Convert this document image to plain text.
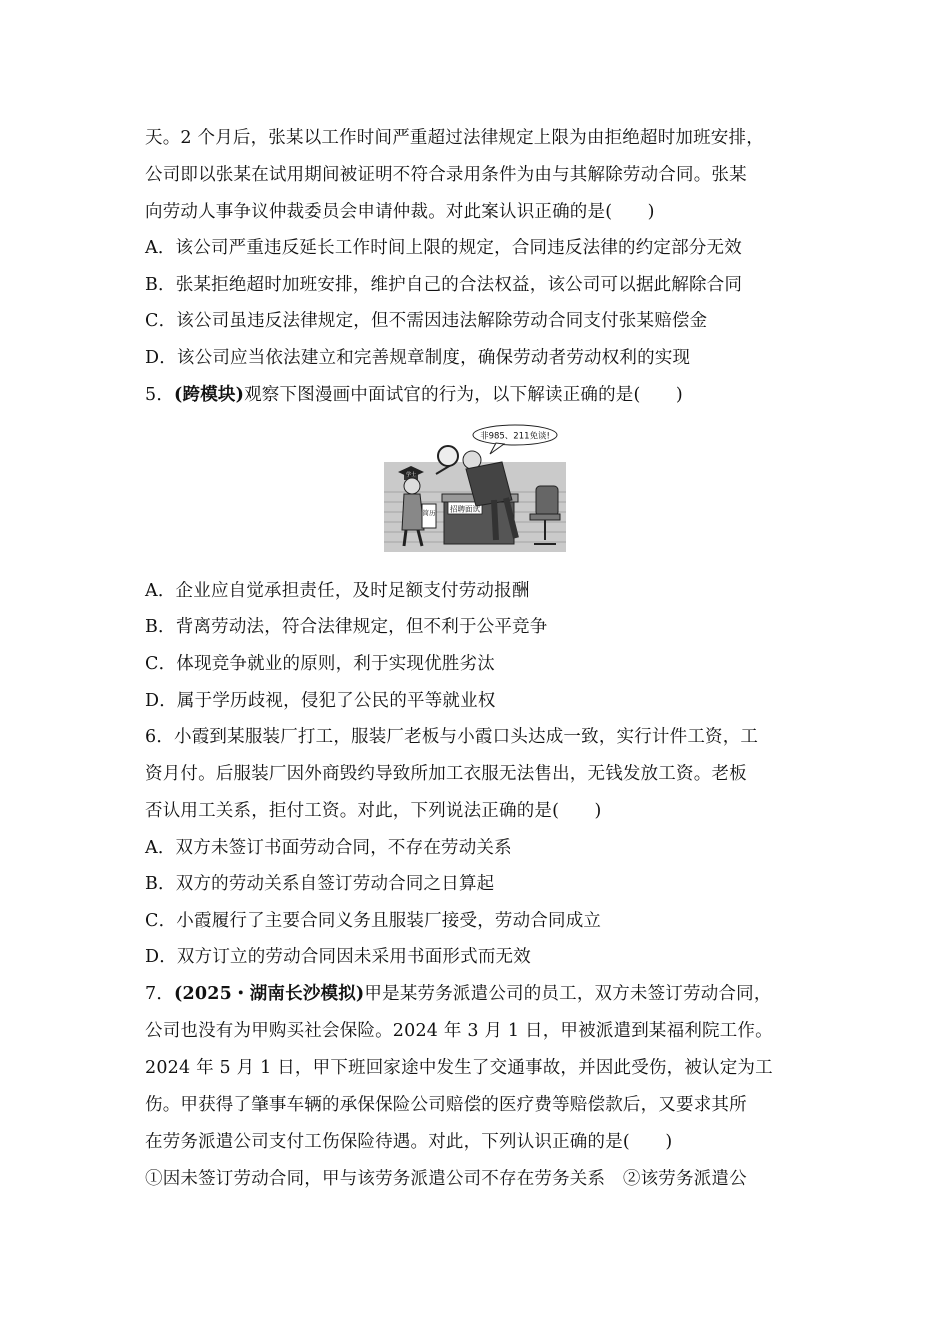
天。2 个月后，张某以工作时间严重超过法律规定上限为由拒绝超时加班安排，
公司即以张某在试用期间被证明不符合录用条件为由与其解除劳动合同。张某
向劳动人事争议仲裁委员会申请仲裁。对此案认识正确的是(　　)
A．该公司严重违反延长工作时间上限的规定，合同违反法律的约定部分无效
B．张某拒绝超时加班安排，维护自己的合法权益，该公司可以据此解除合同
C．该公司虽违反法律规定，但不需因违法解除劳动合同支付张某赔偿金
D．该公司应当依法建立和完善规章制度，确保劳动者劳动权利的实现
5．(跨模块)观察下图漫画中面试官的行为，以下解读正确的是(　　)
非985、211免谈!
招聘面试
学士
简历
A．企业应自觉承担责任，及时足额支付劳动报酬
B．背离劳动法，符合法律规定，但不利于公平竞争
C．体现竞争就业的原则，利于实现优胜劣汰
D．属于学历歧视，侵犯了公民的平等就业权
6．小霞到某服装厂打工，服装厂老板与小霞口头达成一致，实行计件工资，工
资月付。后服装厂因外商毁约导致所加工衣服无法售出，无钱发放工资。老板
否认用工关系，拒付工资。对此，下列说法正确的是(　　)
A．双方未签订书面劳动合同，不存在劳动关系
B．双方的劳动关系自签订劳动合同之日算起
C．小霞履行了主要合同义务且服装厂接受，劳动合同成立
D．双方订立的劳动合同因未采用书面形式而无效
7．(2025・湖南长沙模拟)甲是某劳务派遣公司的员工，双方未签订劳动合同，
公司也没有为甲购买社会保险。2024 年 3 月 1 日，甲被派遣到某福利院工作。
2024 年 5 月 1 日，甲下班回家途中发生了交通事故，并因此受伤，被认定为工
伤。甲获得了肇事车辆的承保保险公司赔偿的医疗费等赔偿款后，又要求其所
在劳务派遣公司支付工伤保险待遇。对此，下列认识正确的是(　　)
①因未签订劳动合同，甲与该劳务派遣公司不存在劳务关系　②该劳务派遣公
